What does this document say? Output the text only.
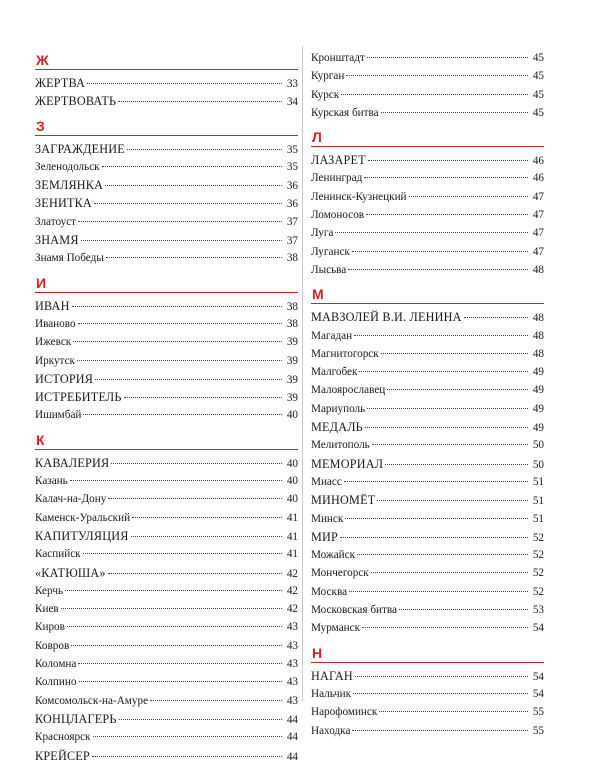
Ж
ЖЕРТВА	33
ЖЕРТВОВАТЬ	34
З
ЗАГРАЖДЕНИЕ	35
Зеленодольск	35
ЗЕМЛЯНКА	36
ЗЕНИТКА	36
Златоуст	37
ЗНАМЯ	37
Знамя Победы	38
И
ИВАН	38
Иваново	38
Ижевск	39
Иркутск	39
ИСТОРИЯ	39
ИСТРЕБИТЕЛЬ	39
Ишимбай	40
К
КАВАЛЕРИЯ	40
Казань	40
Калач-на-Дону	40
Каменск-Уральский	41
КАПИТУЛЯЦИЯ	41
Каспийск	41
«КАТЮША»	42
Керчь	42
Киев	42
Киров	43
Ковров	43
Коломна	43
Колпино	43
Комсомольск-на-Амуре	43
КОНЦЛАГЕРЬ	44
Красноярск	44
КРЕЙСЕР	44
Кронштадт	45
Курган	45
Курск	45
Курская битва	45
Л
ЛАЗАРЕТ	46
Ленинград	46
Ленинск-Кузнецкий	47
Ломоносов	47
Луга	47
Луганск	47
Лысьва	48
М
МАВЗОЛЕЙ В.И. ЛЕНИНА	48
Магадан	48
Магнитогорск	48
Малгобек	49
Малоярославец	49
Мариуполь	49
МЕДАЛЬ	49
Мелитополь	50
МЕМОРИАЛ	50
Миасс	51
МИНОМЁТ	51
Минск	51
МИР	52
Можайск	52
Мончегорск	52
Москва	52
Московская битва	53
Мурманск	54
Н
НАГАН	54
Нальчик	54
Нарофоминск	55
Находка	55
